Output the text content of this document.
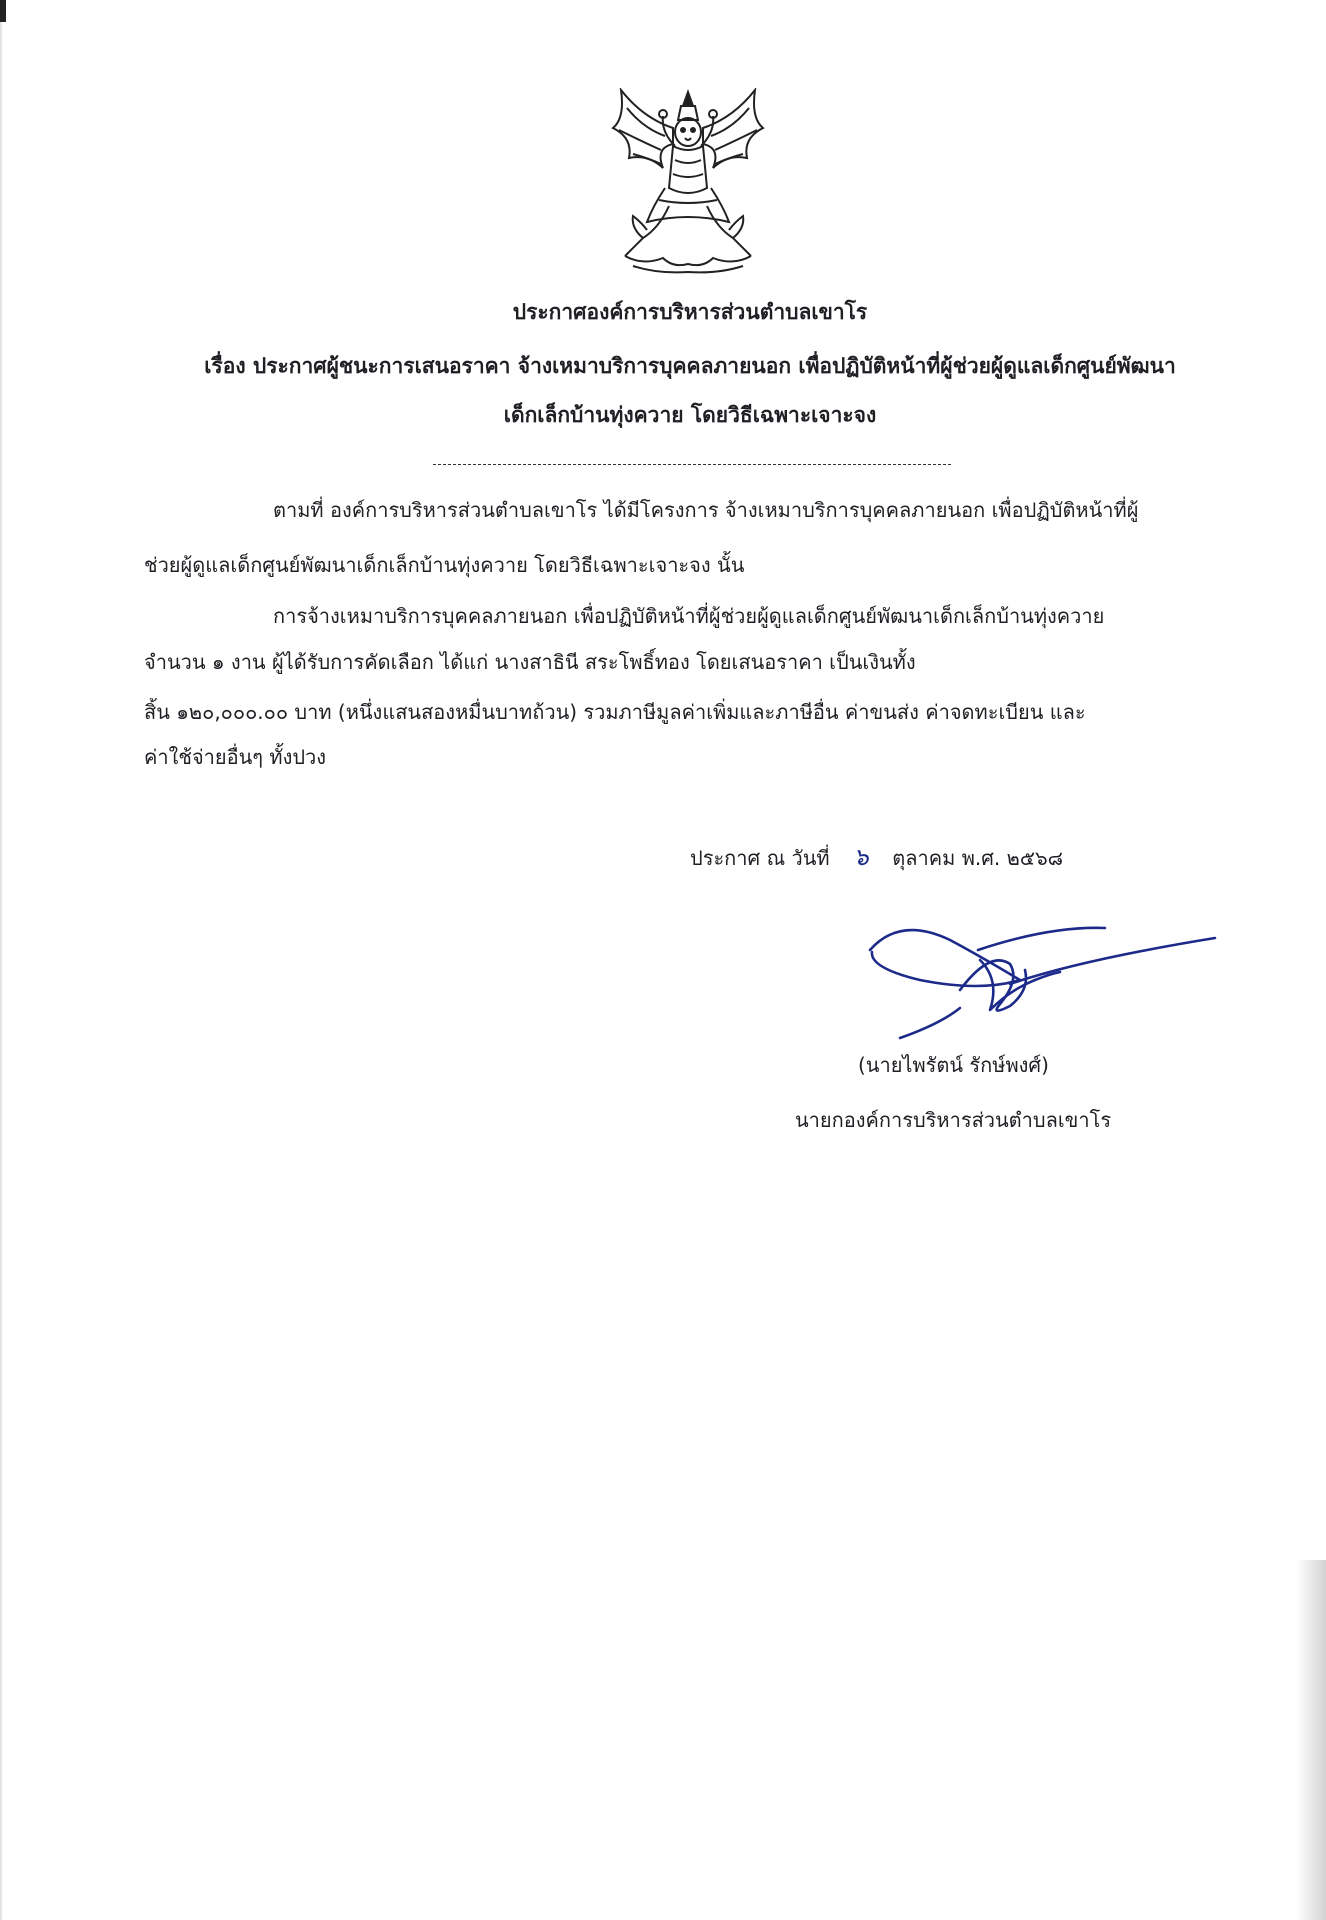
ประกาศองค์การบริหารส่วนตำบลเขาโร
เรื่อง ประกาศผู้ชนะการเสนอราคา จ้างเหมาบริการบุคคลภายนอก เพื่อปฏิบัติหน้าที่ผู้ช่วยผู้ดูแลเด็กศูนย์พัฒนา
เด็กเล็กบ้านทุ่งควาย โดยวิธีเฉพาะเจาะจง
ตามที่ องค์การบริหารส่วนตำบลเขาโร ได้มีโครงการ จ้างเหมาบริการบุคคลภายนอก เพื่อปฏิบัติหน้าที่ผู้
ช่วยผู้ดูแลเด็กศูนย์พัฒนาเด็กเล็กบ้านทุ่งควาย โดยวิธีเฉพาะเจาะจง นั้น
การจ้างเหมาบริการบุคคลภายนอก เพื่อปฏิบัติหน้าที่ผู้ช่วยผู้ดูแลเด็กศูนย์พัฒนาเด็กเล็กบ้านทุ่งควาย
จำนวน ๑ งาน ผู้ได้รับการคัดเลือก ได้แก่ นางสาธินี สระโพธิ์ทอง โดยเสนอราคา เป็นเงินทั้ง
สิ้น ๑๒๐,๐๐๐.๐๐ บาท (หนึ่งแสนสองหมื่นบาทถ้วน) รวมภาษีมูลค่าเพิ่มและภาษีอื่น ค่าขนส่ง ค่าจดทะเบียน และ
ค่าใช้จ่ายอื่นๆ ทั้งปวง
ประกาศ ณ วันที่ ๖ ตุลาคม พ.ศ. ๒๕๖๘
(นายไพรัตน์ รักษ์พงศ์)
นายกองค์การบริหารส่วนตำบลเขาโร
